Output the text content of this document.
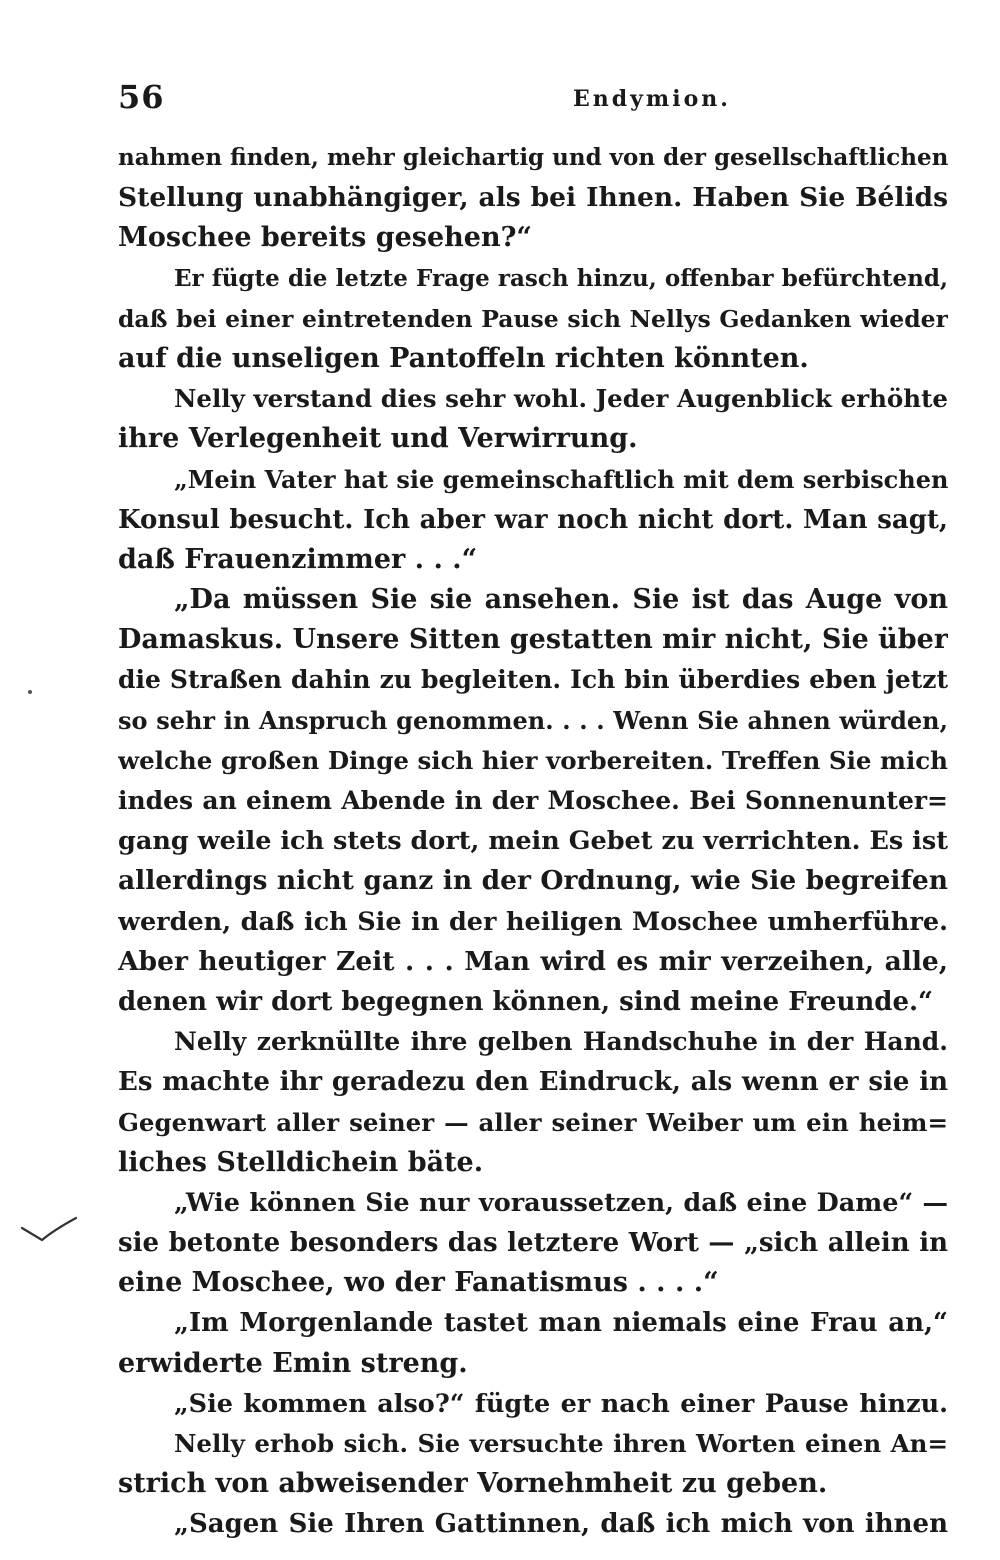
56	Endymion.
nahmen finden, mehr gleichartig und von der gesellschaftlichen
Stellung unabhängiger, als bei Ihnen. Haben Sie Bélids
Moschee bereits gesehen?“
Er fügte die letzte Frage rasch hinzu, offenbar befürchtend,
daß bei einer eintretenden Pause sich Nellys Gedanken wieder
auf die unseligen Pantoffeln richten könnten.
Nelly verstand dies sehr wohl. Jeder Augenblick erhöhte
ihre Verlegenheit und Verwirrung.
„Mein Vater hat sie gemeinschaftlich mit dem serbischen
Konsul besucht. Ich aber war noch nicht dort. Man sagt,
daß Frauenzimmer . . .“
„Da müssen Sie sie ansehen. Sie ist das Auge von
Damaskus. Unsere Sitten gestatten mir nicht, Sie über
die Straßen dahin zu begleiten. Ich bin überdies eben jetzt
so sehr in Anspruch genommen. . . . Wenn Sie ahnen würden,
welche großen Dinge sich hier vorbereiten. Treffen Sie mich
indes an einem Abende in der Moschee. Bei Sonnenunter=
gang weile ich stets dort, mein Gebet zu verrichten. Es ist
allerdings nicht ganz in der Ordnung, wie Sie begreifen
werden, daß ich Sie in der heiligen Moschee umherführe.
Aber heutiger Zeit . . . Man wird es mir verzeihen, alle,
denen wir dort begegnen können, sind meine Freunde.“
Nelly zerknüllte ihre gelben Handschuhe in der Hand.
Es machte ihr geradezu den Eindruck, als wenn er sie in
Gegenwart aller seiner — aller seiner Weiber um ein heim=
liches Stelldichein bäte.
„Wie können Sie nur voraussetzen, daß eine Dame“ —
sie betonte besonders das letztere Wort — „sich allein in
eine Moschee, wo der Fanatismus . . . .“
„Im Morgenlande tastet man niemals eine Frau an,“
erwiderte Emin streng.
„Sie kommen also?“ fügte er nach einer Pause hinzu.
Nelly erhob sich. Sie versuchte ihren Worten einen An=
strich von abweisender Vornehmheit zu geben.
„Sagen Sie Ihren Gattinnen, daß ich mich von ihnen
